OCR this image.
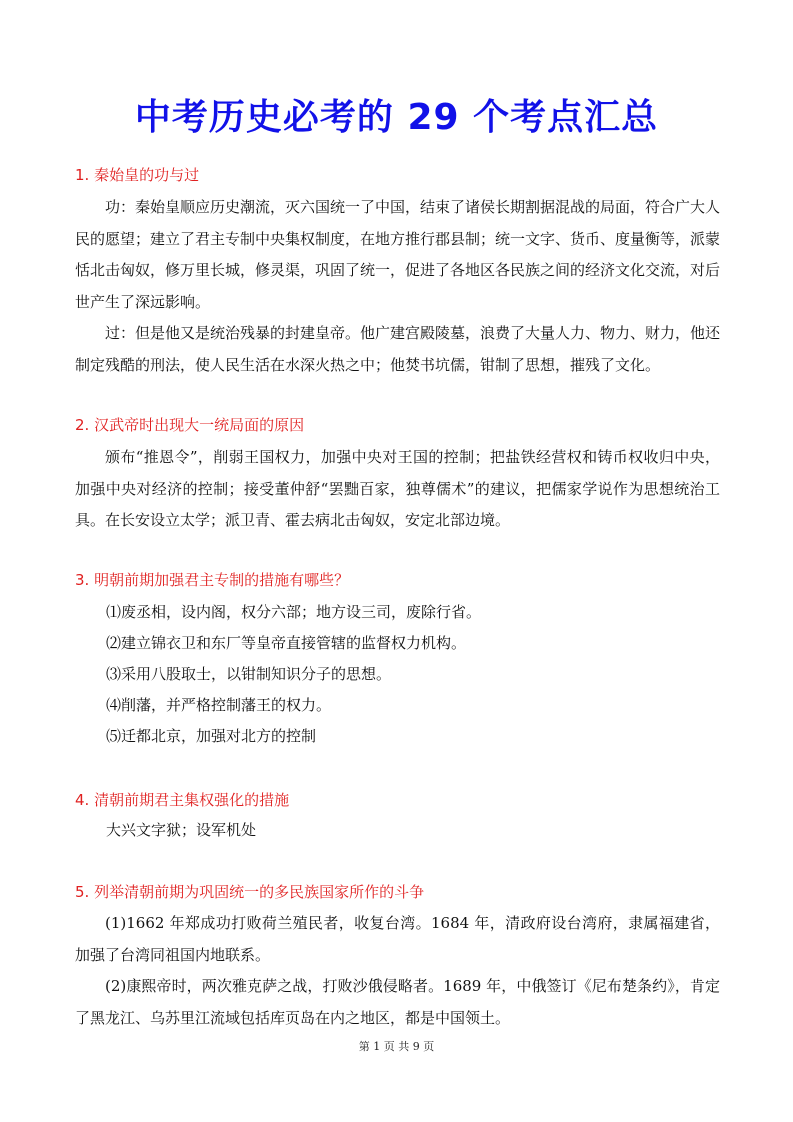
中考历史必考的 29 个考点汇总
1. 秦始皇的功与过

功：秦始皇顺应历史潮流，灭六国统一了中国，结束了诸侯长期割据混战的局面，符合广大人民的愿望；建立了君主专制中央集权制度，在地方推行郡县制；统一文字、货币、度量衡等，派蒙恬北击匈奴，修万里长城，修灵渠，巩固了统一，促进了各地区各民族之间的经济文化交流，对后世产生了深远影响。

过：但是他又是统治残暴的封建皇帝。他广建宫殿陵墓，浪费了大量人力、物力、财力，他还制定残酷的刑法，使人民生活在水深火热之中；他焚书坑儒，钳制了思想，摧残了文化。

2. 汉武帝时出现大一统局面的原因

颁布“推恩令”，削弱王国权力，加强中央对王国的控制；把盐铁经营权和铸币权收归中央，加强中央对经济的控制；接受董仲舒“罢黜百家，独尊儒术”的建议，把儒家学说作为思想统治工具。在长安设立太学；派卫青、霍去病北击匈奴，安定北部边境。

3. 明朝前期加强君主专制的措施有哪些？
⑴废丞相，设内阁，权分六部；地方设三司，废除行省。
⑵建立锦衣卫和东厂等皇帝直接管辖的监督权力机构。
⑶采用八股取士，以钳制知识分子的思想。
⑷削藩，并严格控制藩王的权力。
⑸迁都北京，加强对北方的控制
4. 清朝前期君主集权强化的措施
大兴文字狱；设军机处
5. 列举清朝前期为巩固统一的多民族国家所作的斗争

(1)1662 年郑成功打败荷兰殖民者，收复台湾。1684 年，清政府设台湾府，隶属福建省，加强了台湾同祖国内地联系。

(2)康熙帝时，两次雅克萨之战，打败沙俄侵略者。1689 年，中俄签订《尼布楚条约》，肯定了黑龙江、乌苏里江流域包括库页岛在内之地区，都是中国领土。

第 1 页 共 9 页
